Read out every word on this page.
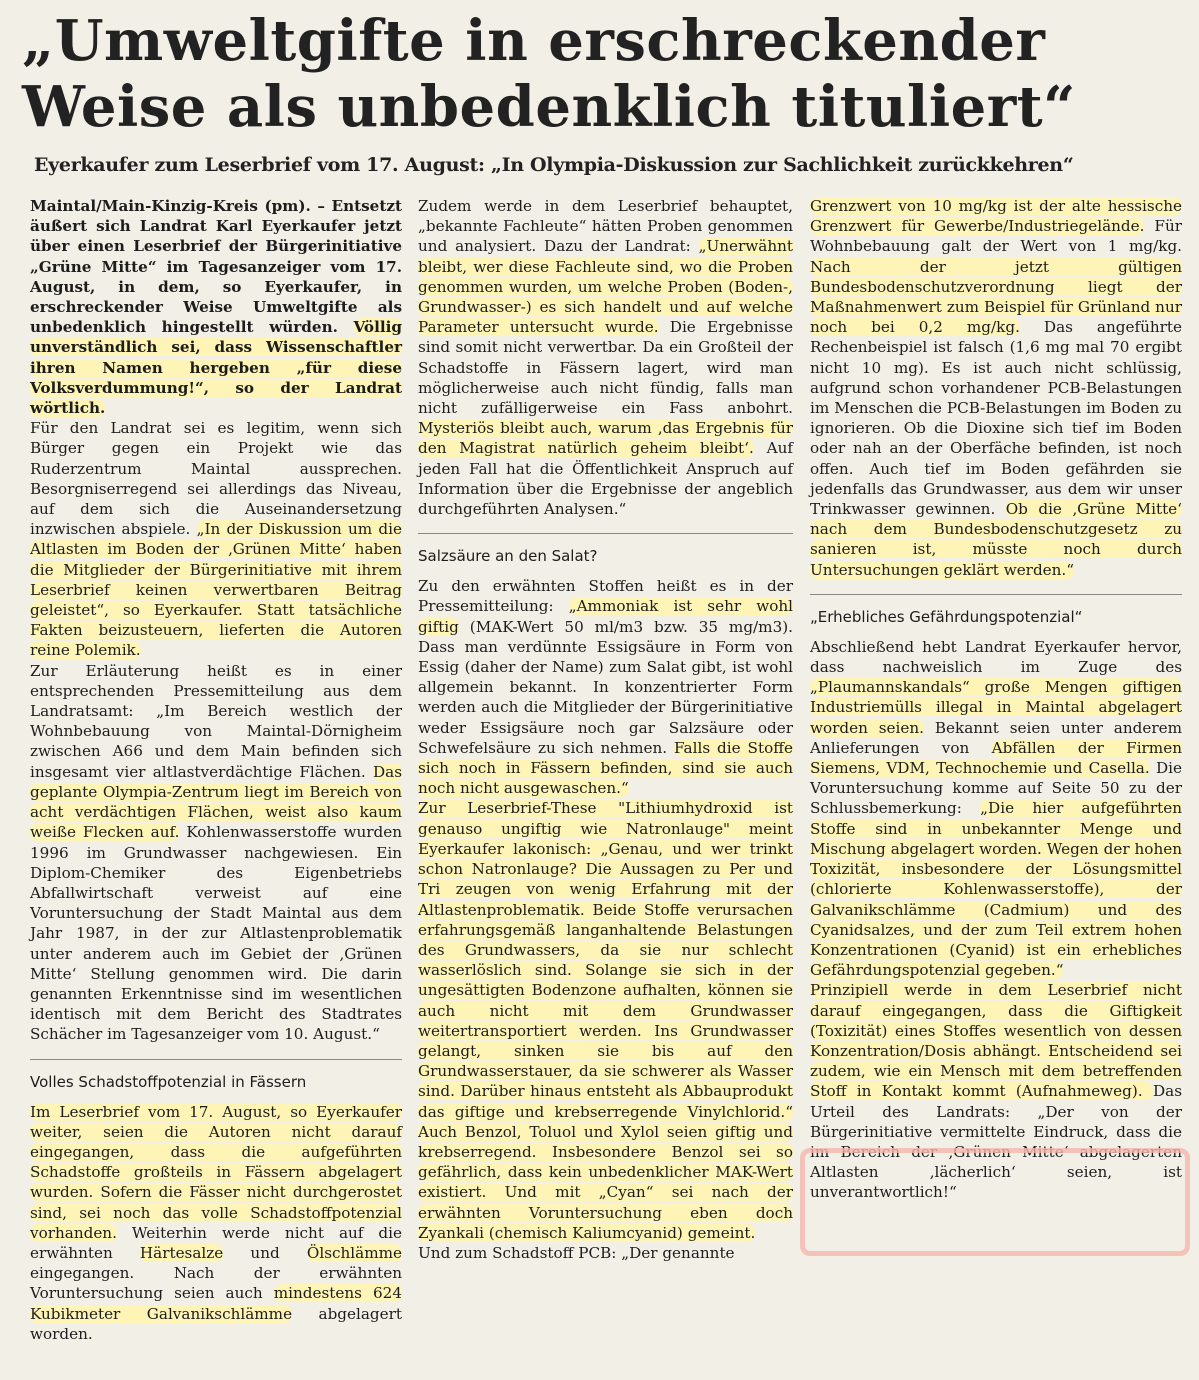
„Umweltgifte in erschreckender
Weise als unbedenklich tituliert“
Eyerkaufer zum Leserbrief vom 17. August: „In Olympia-Diskussion zur Sachlichkeit zurückkehren“

Maintal/Main-Kinzig-Kreis (pm). – Entsetzt äußert sich Landrat Karl Eyerkaufer jetzt über einen Leserbrief der Bürgerinitiative „Grüne Mitte“ im Tagesanzeiger vom 17. August, in dem, so Eyerkaufer, in erschreckender Weise Umweltgifte als unbedenklich hingestellt würden. Völlig unverständlich sei, dass Wissenschaftler ihren Namen hergeben „für diese Volksverdummung!“, so der Landrat wörtlich.

Für den Landrat sei es legitim, wenn sich Bürger gegen ein Projekt wie das Ruderzentrum Maintal aussprechen. Besorgniserregend sei allerdings das Niveau, auf dem sich die Auseinandersetzung inzwischen abspiele. „In der Diskussion um die Altlasten im Boden der ‚Grünen Mitte‘ haben die Mitglieder der Bürgerinitiative mit ihrem Leserbrief keinen verwertbaren Beitrag geleistet“, so Eyerkaufer. Statt tatsächliche Fakten beizusteuern, lieferten die Autoren reine Polemik.

Zur Erläuterung heißt es in einer entsprechenden Pressemitteilung aus dem Landratsamt: „Im Bereich westlich der Wohnbebauung von Maintal-Dörnigheim zwischen A66 und dem Main befinden sich insgesamt vier altlastverdächtige Flächen. Das geplante Olympia-Zentrum liegt im Bereich von acht verdächtigen Flächen, weist also kaum weiße Flecken auf. Kohlenwasserstoffe wurden 1996 im Grundwasser nachgewiesen. Ein Diplom-Chemiker des Eigenbetriebs Abfallwirtschaft verweist auf eine Voruntersuchung der Stadt Maintal aus dem Jahr 1987, in der zur Altlastenproblematik unter anderem auch im Gebiet der ‚Grünen Mitte‘ Stellung genommen wird. Die darin genannten Erkenntnisse sind im wesentlichen identisch mit dem Bericht des Stadtrates Schächer im Tagesanzeiger vom 10. August.“

Volles Schadstoffpotenzial in Fässern

Im Leserbrief vom 17. August, so Eyerkaufer weiter, seien die Autoren nicht darauf eingegangen, dass die aufgeführten Schadstoffe großteils in Fässern abgelagert wurden. Sofern die Fässer nicht durchgerostet sind, sei noch das volle Schadstoffpotenzial vorhanden. Weiterhin werde nicht auf die erwähnten Härtesalze und Ölschlämme eingegangen. Nach der erwähnten Voruntersuchung seien auch mindestens 624 Kubikmeter Galvanikschlämme abgelagert worden.

Zudem werde in dem Leserbrief behauptet, „bekannte Fachleute“ hätten Proben genommen und analysiert. Dazu der Landrat: „Unerwähnt bleibt, wer diese Fachleute sind, wo die Proben genommen wurden, um welche Proben (Boden-, Grundwasser-) es sich handelt und auf welche Parameter untersucht wurde. Die Ergebnisse sind somit nicht verwertbar. Da ein Großteil der Schadstoffe in Fässern lagert, wird man möglicherweise auch nicht fündig, falls man nicht zufälligerweise ein Fass anbohrt. Mysteriös bleibt auch, warum ‚das Ergebnis für den Magistrat natürlich geheim bleibt‘. Auf jeden Fall hat die Öffentlichkeit Anspruch auf Information über die Ergebnisse der angeblich durchgeführten Analysen.“

Salzsäure an den Salat?

Zu den erwähnten Stoffen heißt es in der Pressemitteilung: „Ammoniak ist sehr wohl giftig (MAK-Wert 50 ml/m3 bzw. 35 mg/m3). Dass man verdünnte Essigsäure in Form von Essig (daher der Name) zum Salat gibt, ist wohl allgemein bekannt. In konzentrierter Form werden auch die Mitglieder der Bürgerinitiative weder Essigsäure noch gar Salzsäure oder Schwefelsäure zu sich nehmen. Falls die Stoffe sich noch in Fässern befinden, sind sie auch noch nicht ausgewaschen.“

Zur Leserbrief-These "Lithiumhydroxid ist genauso ungiftig wie Natronlauge" meint Eyerkaufer lakonisch: „Genau, und wer trinkt schon Natronlauge? Die Aussagen zu Per und Tri zeugen von wenig Erfahrung mit der Altlastenproblematik. Beide Stoffe verursachen erfahrungsgemäß langanhaltende Belastungen des Grundwassers, da sie nur schlecht wasserlöslich sind. Solange sie sich in der ungesättigten Bodenzone aufhalten, können sie auch nicht mit dem Grundwasser weitertransportiert werden. Ins Grundwasser gelangt, sinken sie bis auf den Grundwasserstauer, da sie schwerer als Wasser sind. Darüber hinaus entsteht als Abbauprodukt das giftige und krebserregende Vinylchlorid.“ Auch Benzol, Toluol und Xylol seien giftig und krebserregend. Insbesondere Benzol sei so gefährlich, dass kein unbedenklicher MAK-Wert existiert. Und mit „Cyan“ sei nach der erwähnten Voruntersuchung eben doch Zyankali (chemisch Kaliumcyanid) gemeint.

Und zum Schadstoff PCB: „Der genannte

Grenzwert von 10 mg/kg ist der alte hessische Grenzwert für Gewerbe/Industriegelände. Für Wohnbebauung galt der Wert von 1 mg/kg. Nach der jetzt gültigen Bundesbodenschutzverordnung liegt der Maßnahmenwert zum Beispiel für Grünland nur noch bei 0,2 mg/kg. Das angeführte Rechenbeispiel ist falsch (1,6 mg mal 70 ergibt nicht 10 mg). Es ist auch nicht schlüssig, aufgrund schon vorhandener PCB-Belastungen im Menschen die PCB-Belastungen im Boden zu ignorieren. Ob die Dioxine sich tief im Boden oder nah an der Oberfäche befinden, ist noch offen. Auch tief im Boden gefährden sie jedenfalls das Grundwasser, aus dem wir unser Trinkwasser gewinnen. Ob die ‚Grüne Mitte‘ nach dem Bundesbodenschutzgesetz zu sanieren ist, müsste noch durch Untersuchungen geklärt werden.“

„Erhebliches Gefährdungspotenzial“

Abschließend hebt Landrat Eyerkaufer hervor, dass nachweislich im Zuge des „Plaumannskandals“ große Mengen giftigen Industriemülls illegal in Maintal abgelagert worden seien. Bekannt seien unter anderem Anlieferungen von Abfällen der Firmen Siemens, VDM, Technochemie und Casella. Die Voruntersuchung komme auf Seite 50 zu der Schlussbemerkung: „Die hier aufgeführten Stoffe sind in unbekannter Menge und Mischung abgelagert worden. Wegen der hohen Toxizität, insbesondere der Lösungsmittel (chlorierte Kohlenwasserstoffe), der Galvanikschlämme (Cadmium) und des Cyanidsalzes, und der zum Teil extrem hohen Konzentrationen (Cyanid) ist ein erhebliches Gefährdungspotenzial gegeben.“

Prinzipiell werde in dem Leserbrief nicht darauf eingegangen, dass die Giftigkeit (Toxizität) eines Stoffes wesentlich von dessen Konzentration/Dosis abhängt. Entscheidend sei zudem, wie ein Mensch mit dem betreffenden Stoff in Kontakt kommt (Aufnahmeweg). Das Urteil des Landrats: „Der von der Bürgerinitiative vermittelte Eindruck, dass die im Bereich der ‚Grünen Mitte‘ abgelagerten Altlasten ‚lächerlich‘ seien, ist unverantwortlich!“
